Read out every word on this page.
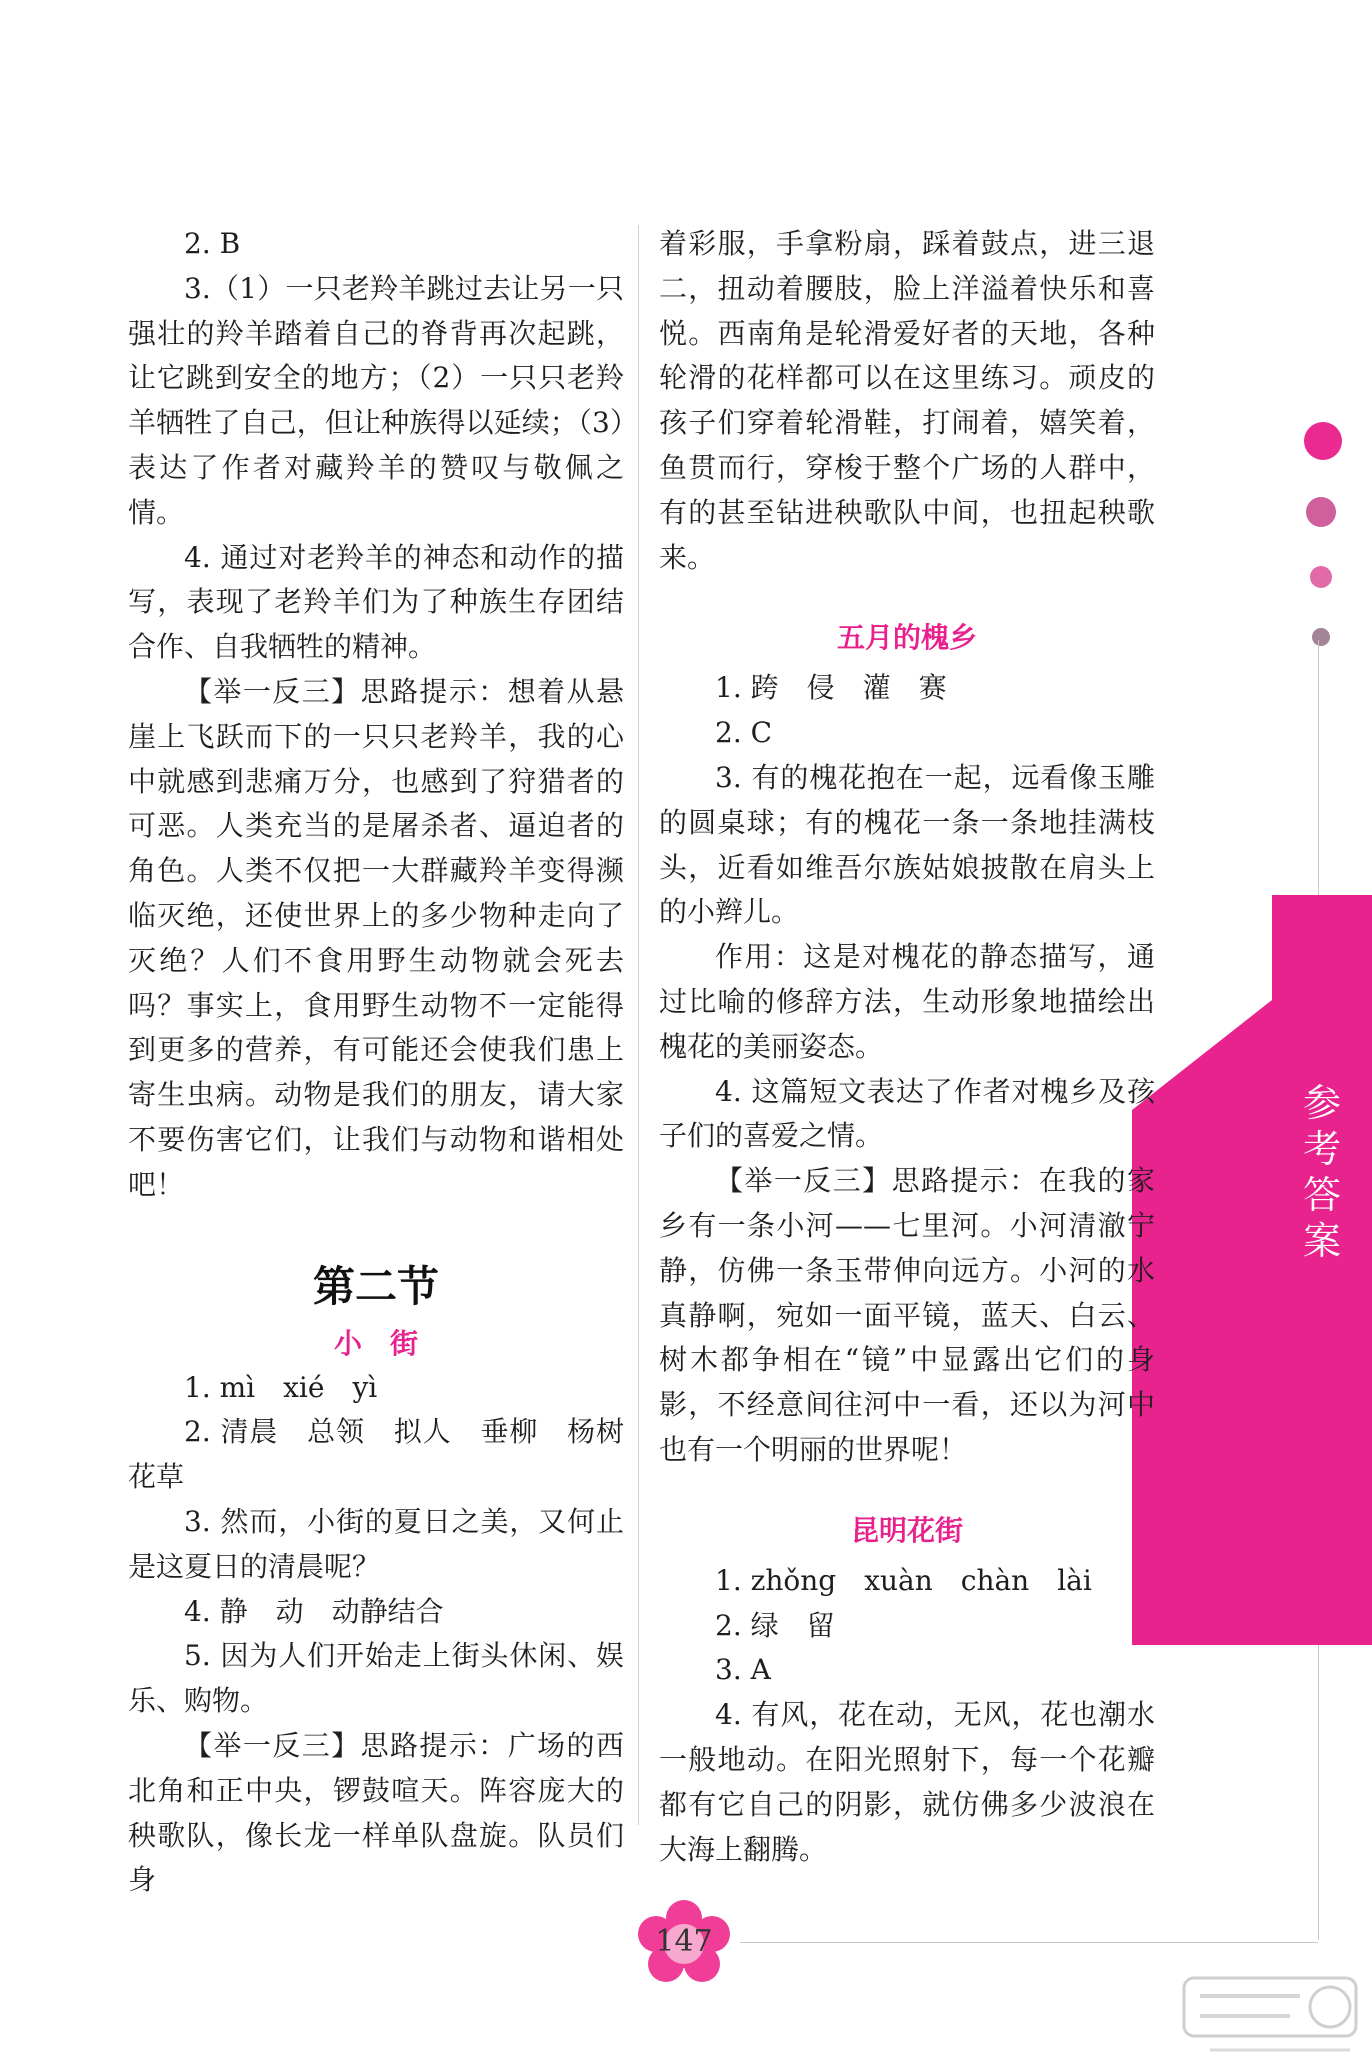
参
考
答
案

2. B

3.（1）一只老羚羊跳过去让另一只强壮的羚羊踏着自己的脊背再次起跳，让它跳到安全的地方；（2）一只只老羚羊牺牲了自己，但让种族得以延续；（3）表达了作者对藏羚羊的赞叹与敬佩之情。

4. 通过对老羚羊的神态和动作的描写，表现了老羚羊们为了种族生存团结合作、自我牺牲的精神。

【举一反三】思路提示：想着从悬崖上飞跃而下的一只只老羚羊，我的心中就感到悲痛万分，也感到了狩猎者的可恶。人类充当的是屠杀者、逼迫者的角色。人类不仅把一大群藏羚羊变得濒临灭绝，还使世界上的多少物种走向了灭绝？人们不食用野生动物就会死去吗？事实上，食用野生动物不一定能得到更多的营养，有可能还会使我们患上寄生虫病。动物是我们的朋友，请大家不要伤害它们，让我们与动物和谐相处吧！

第二节
小　街

1. mì　xié　yì

2. 清晨　总领　拟人　垂柳　杨树花草

3. 然而，小街的夏日之美，又何止是这夏日的清晨呢？

4. 静　动　动静结合

5. 因为人们开始走上街头休闲、娱乐、购物。

【举一反三】思路提示：广场的西北角和正中央，锣鼓喧天。阵容庞大的秧歌队，像长龙一样单队盘旋。队员们身

着彩服，手拿粉扇，踩着鼓点，进三退二，扭动着腰肢，脸上洋溢着快乐和喜悦。西南角是轮滑爱好者的天地，各种轮滑的花样都可以在这里练习。顽皮的孩子们穿着轮滑鞋，打闹着，嬉笑着，鱼贯而行，穿梭于整个广场的人群中，有的甚至钻进秧歌队中间，也扭起秧歌来。

五月的槐乡

1. 跨　侵　灌　赛

2. C

3. 有的槐花抱在一起，远看像玉雕的圆桌球；有的槐花一条一条地挂满枝头，近看如维吾尔族姑娘披散在肩头上的小辫儿。

作用：这是对槐花的静态描写，通过比喻的修辞方法，生动形象地描绘出槐花的美丽姿态。

4. 这篇短文表达了作者对槐乡及孩子们的喜爱之情。

【举一反三】思路提示：在我的家乡有一条小河——七里河。小河清澈宁静，仿佛一条玉带伸向远方。小河的水真静啊，宛如一面平镜，蓝天、白云、树木都争相在“镜”中显露出它们的身影，不经意间往河中一看，还以为河中也有一个明丽的世界呢！

昆明花街

1. zhǒng　xuàn　chàn　lài

2. 绿　留

3. A

4. 有风，花在动，无风，花也潮水一般地动。在阳光照射下，每一个花瓣都有它自己的阴影，就仿佛多少波浪在大海上翻腾。

147
